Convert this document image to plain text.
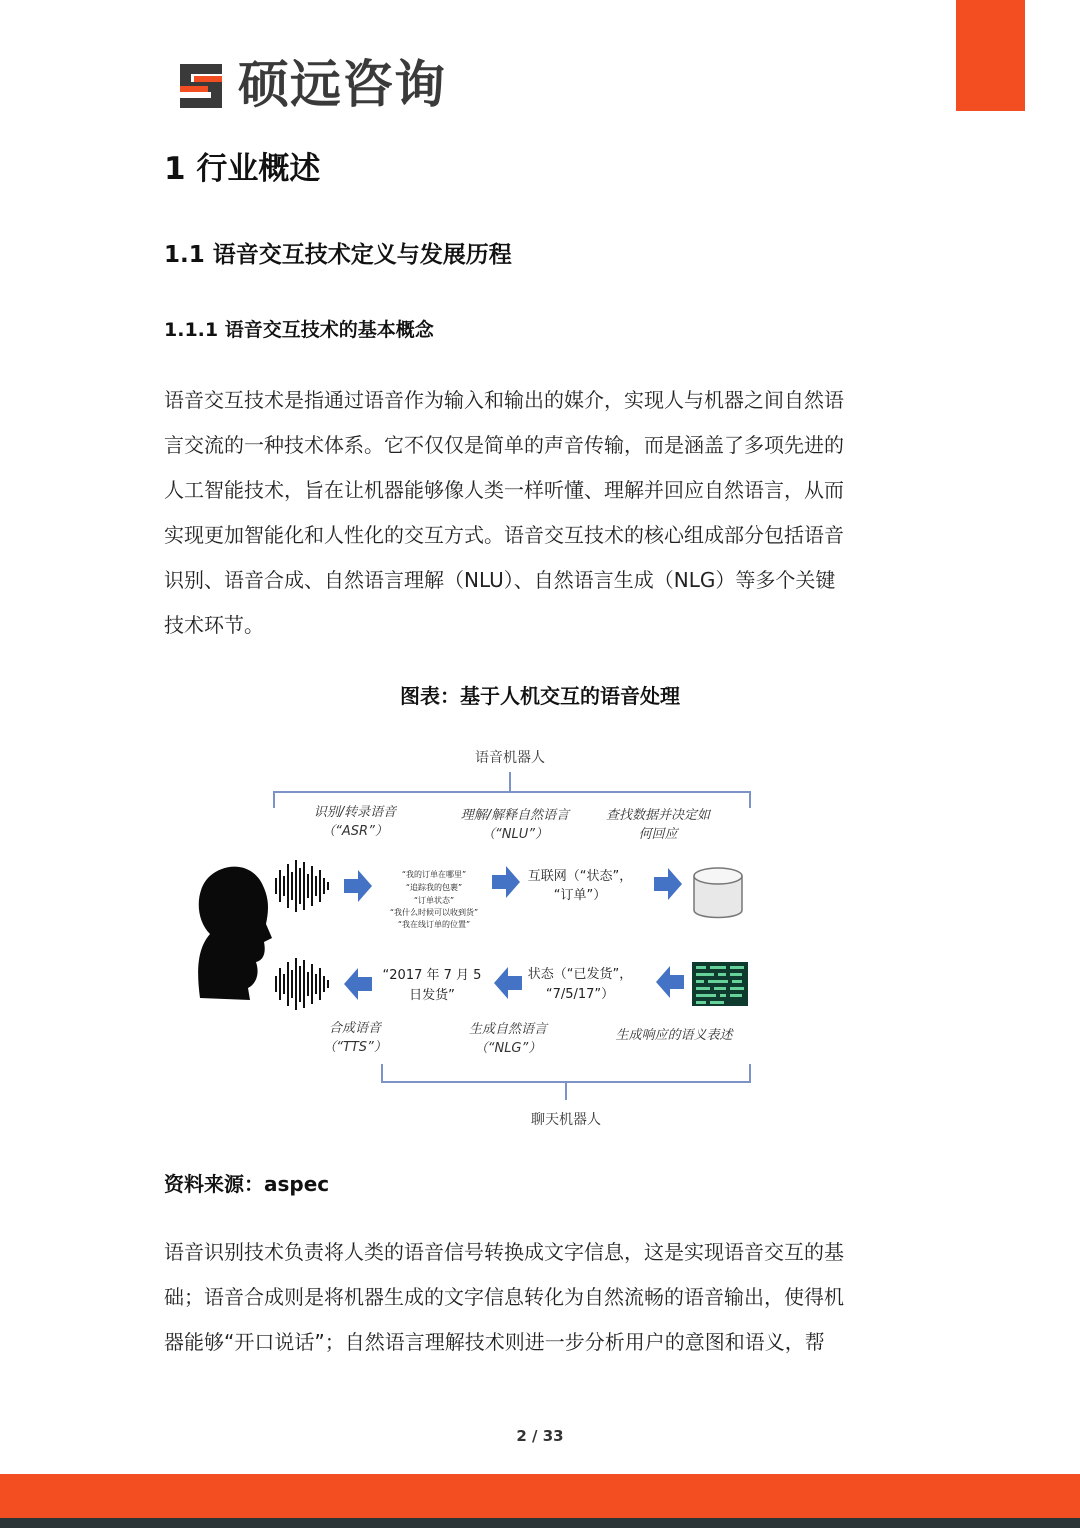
硕远咨询
1 行业概述
1.1 语音交互技术定义与发展历程
1.1.1 语音交互技术的基本概念
语音交互技术是指通过语音作为输入和输出的媒介，实现人与机器之间自然语
言交流的一种技术体系。它不仅仅是简单的声音传输，而是涵盖了多项先进的
人工智能技术，旨在让机器能够像人类一样听懂、理解并回应自然语言，从而
实现更加智能化和人性化的交互方式。语音交互技术的核心组成部分包括语音
识别、语音合成、自然语言理解（NLU）、自然语言生成（NLG）等多个关键
技术环节。
图表：基于人机交互的语音处理
语音机器人
识别/转录语音
（“ASR”）
理解/解释自然语言
（“NLU”）
查找数据并决定如
何回应
“我的订单在哪里”
“追踪我的包裹”
“订单状态”
“我什么时候可以收到货”
“我在线订单的位置”
互联网（“状态”，
“订单”）
“2017 年 7 月 5
日发货”
状态（“已发货”，
“7/5/17”）
合成语音
（“TTS”）
生成自然语言
（“NLG”）
生成响应的语义表述
聊天机器人
资料来源：aspec
语音识别技术负责将人类的语音信号转换成文字信息，这是实现语音交互的基
础；语音合成则是将机器生成的文字信息转化为自然流畅的语音输出，使得机
器能够“开口说话”；自然语言理解技术则进一步分析用户的意图和语义，帮
2 / 33
